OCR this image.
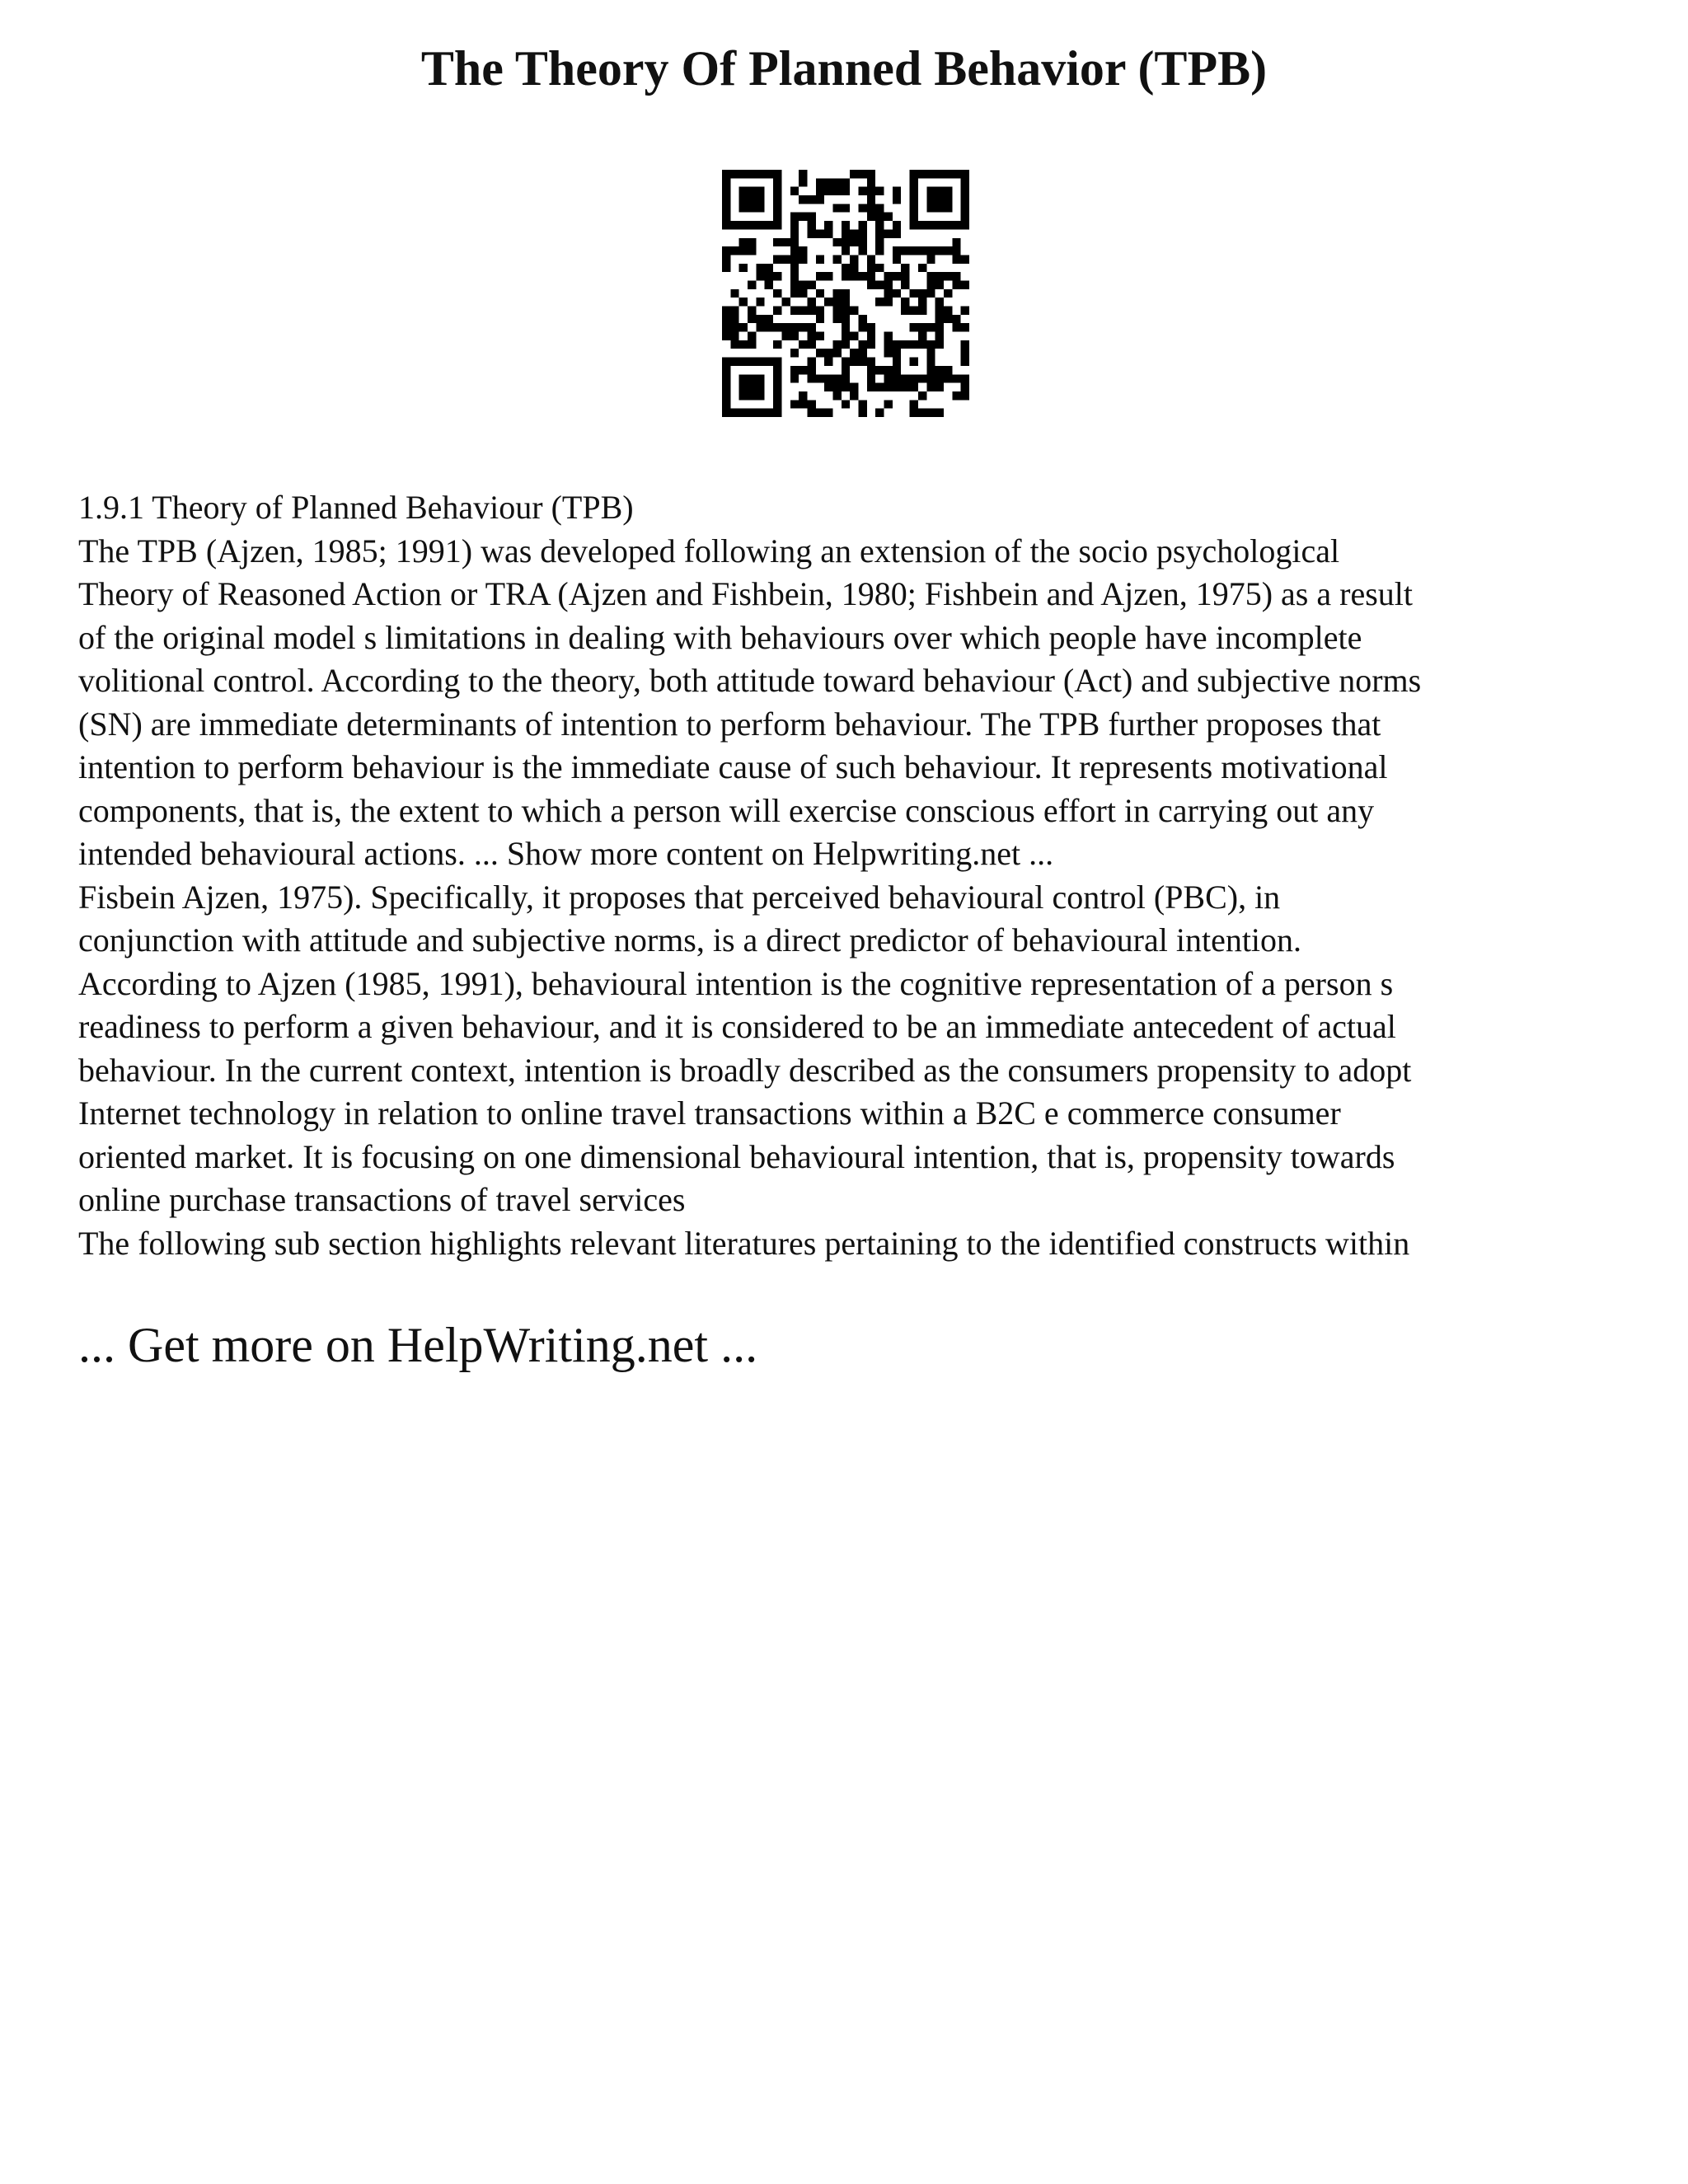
The Theory Of Planned Behavior (TPB)

1.9.1 Theory of Planned Behaviour (TPB)

The TPB (Ajzen, 1985; 1991) was developed following an extension of the socio psychological

Theory of Reasoned Action or TRA (Ajzen and Fishbein, 1980; Fishbein and Ajzen, 1975) as a result

of the original model s limitations in dealing with behaviours over which people have incomplete

volitional control. According to the theory, both attitude toward behaviour (Act) and subjective norms

(SN) are immediate determinants of intention to perform behaviour. The TPB further proposes that

intention to perform behaviour is the immediate cause of such behaviour. It represents motivational

components, that is, the extent to which a person will exercise conscious effort in carrying out any

intended behavioural actions. ... Show more content on Helpwriting.net ...

Fisbein Ajzen, 1975). Specifically, it proposes that perceived behavioural control (PBC), in

conjunction with attitude and subjective norms, is a direct predictor of behavioural intention.

According to Ajzen (1985, 1991), behavioural intention is the cognitive representation of a person s

readiness to perform a given behaviour, and it is considered to be an immediate antecedent of actual

behaviour. In the current context, intention is broadly described as the consumers propensity to adopt

Internet technology in relation to online travel transactions within a B2C e commerce consumer

oriented market. It is focusing on one dimensional behavioural intention, that is, propensity towards

online purchase transactions of travel services

The following sub section highlights relevant literatures pertaining to the identified constructs within

... Get more on HelpWriting.net ...
